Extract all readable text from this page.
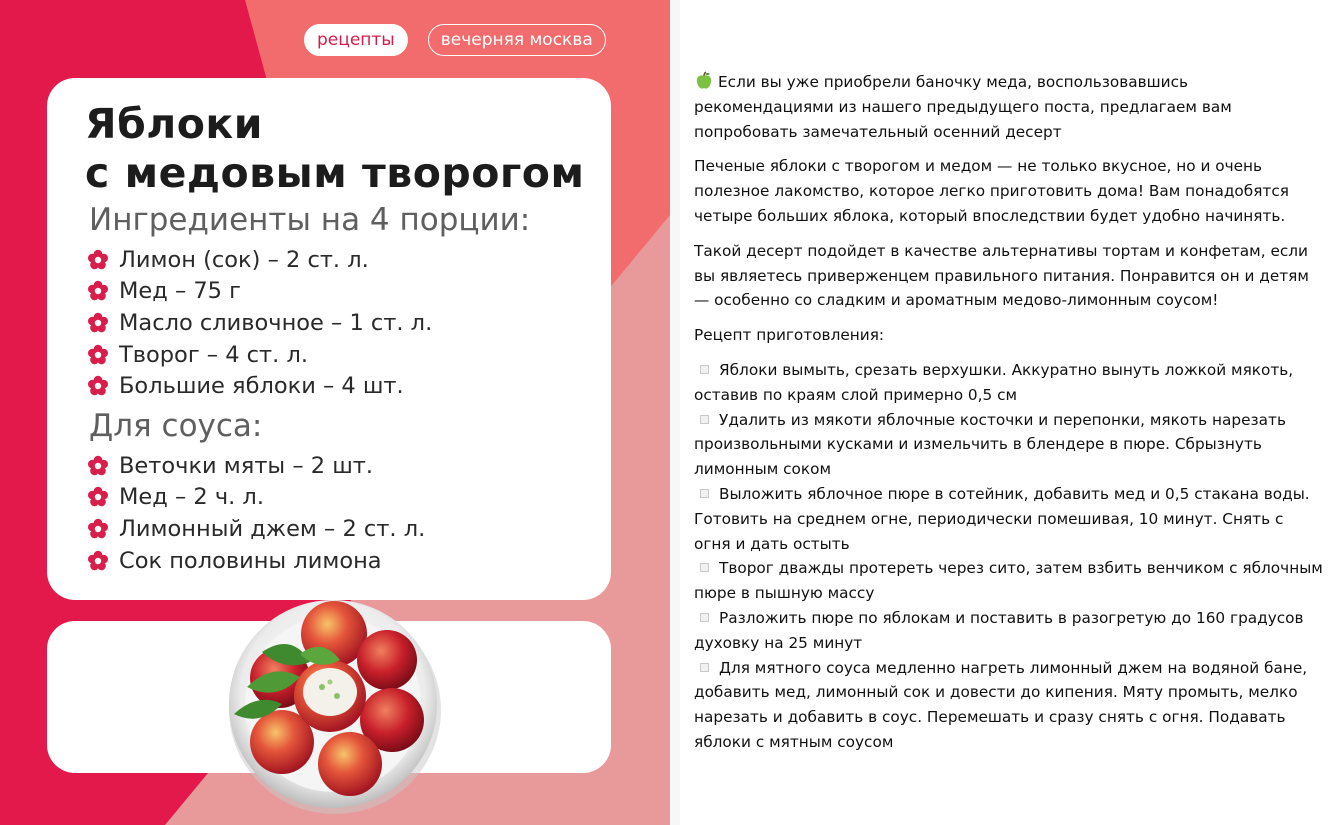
рецепты	вечерняя москва
Яблоки
с медовым творогом
Ингредиенты на 4 порции:
Лимон (сок) – 2 ст. л.
Мед – 75 г
Масло сливочное – 1 ст. л.
Творог – 4 ст. л.
Большие яблоки – 4 шт.
Для соуса:
Веточки мяты – 2 шт.
Мед – 2 ч. л.
Лимонный джем – 2 ст. л.
Сок половины лимона

Если вы уже приобрели баночку меда, воспользовавшись рекомендациями из нашего предыдущего поста, предлагаем вам попробовать замечательный осенний десерт

Печеные яблоки с творогом и медом — не только вкусное, но и очень полезное лакомство, которое легко приготовить дома! Вам понадобятся четыре больших яблока, который впоследствии будет удобно начинять.

Такой десерт подойдет в качестве альтернативы тортам и конфетам, если вы являетесь приверженцем правильного питания. Понравится он и детям — особенно со сладким и ароматным медово-лимонным соусом!

Рецепт приготовления:

Яблоки вымыть, срезать верхушки. Аккуратно вынуть ложкой мякоть, оставив по краям слой примерно 0,5 см
Удалить из мякоти яблочные косточки и перепонки, мякоть нарезать произвольными кусками и измельчить в блендере в пюре. Сбрызнуть лимонным соком
Выложить яблочное пюре в сотейник, добавить мед и 0,5 стакана воды. Готовить на среднем огне, периодически помешивая, 10 минут. Снять с огня и дать остыть
Творог дважды протереть через сито, затем взбить венчиком с яблочным пюре в пышную массу
Разложить пюре по яблокам и поставить в разогретую до 160 градусов духовку на 25 минут
Для мятного соуса медленно нагреть лимонный джем на водяной бане, добавить мед, лимонный сок и довести до кипения. Мяту промыть, мелко нарезать и добавить в соус. Перемешать и сразу снять с огня. Подавать яблоки с мятным соусом
